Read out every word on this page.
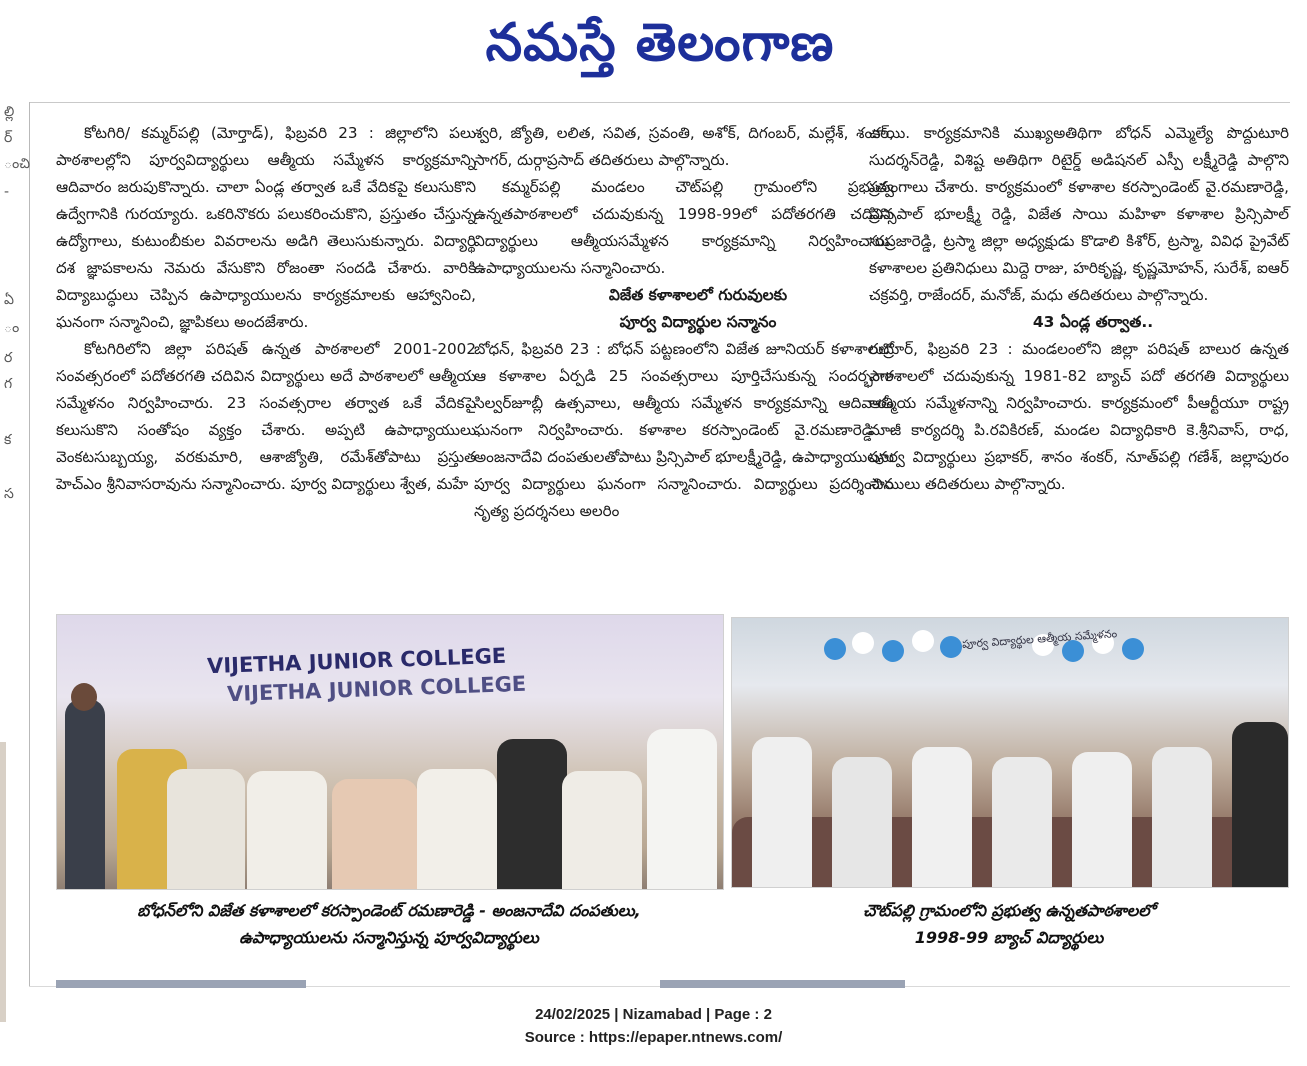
నమస్తే తెలంగాణ
ల్లి
ర్
ంచి
-
ఏ
ం
ర
గ
క
స

కోటగిరి/ కమ్మర్‌పల్లి (మోర్తాడ్), ఫిబ్రవరి 23 : జిల్లాలోని పలు పాఠశాలల్లోని పూర్వవిద్యార్థులు ఆత్మీయ సమ్మేళన కార్యక్రమాన్ని ఆదివారం జరుపుకొన్నారు. చాలా ఏండ్ల తర్వాత ఒకే వేదికపై కలుసుకొని ఉద్వేగానికి గురయ్యారు. ఒకరినొకరు పలుకరించుకొని, ప్రస్తుతం చేస్తున్న ఉద్యోగాలు, కుటుంబీకుల వివరాలను అడిగి తెలుసుకున్నారు. విద్యార్థి దశ జ్ఞాపకాలను నెమరు వేసుకొని రోజంతా సందడి చేశారు. వారికి విద్యాబుద్ధులు చెప్పిన ఉపాధ్యాయులను కార్యక్రమాలకు ఆహ్వానించి, ఘనంగా సన్మానించి, జ్ఞాపికలు అందజేశారు.

కోటగిరిలోని జిల్లా పరిషత్ ఉన్నత పాఠశాలలో 2001-2002 సంవత్సరంలో పదోతరగతి చదివిన విద్యార్థులు అదే పాఠశాలలో ఆత్మీయ సమ్మేళనం నిర్వహించారు. 23 సంవత్సరాల తర్వాత ఒకే వేదికపై కలుసుకొని సంతోషం వ్యక్తం చేశారు. అప్పటి ఉపాధ్యాయులు వెంకటసుబ్బయ్య, వరకుమారి, ఆశాజ్యోతి, రమేశ్‌తోపాటు ప్రస్తుత హెచ్‌ఎం శ్రీనివాసరావును సన్మానించారు. పూర్వ విద్యార్థులు శ్వేత, మహే

శ్వరి, జ్యోతి, లలిత, సవిత, స్రవంతి, అశోక్, దిగంబర్, మల్లేశ్, శంకర్, సాగర్, దుర్గాప్రసాద్ తదితరులు పాల్గొన్నారు.

కమ్మర్‌పల్లి మండలం చౌట్‌పల్లి గ్రామంలోని ప్రభుత్వ ఉన్నతపాఠశాలలో చదువుకున్న 1998-99లో పదోతరగతి చదివిన విద్యార్థులు ఆత్మీయసమ్మేళన కార్యక్రమాన్ని నిర్వహించారు. ఉపాధ్యాయులను సన్మానించారు.

విజేత కళాశాలలో గురువులకు

పూర్వ విద్యార్థుల సన్మానం

బోధన్, ఫిబ్రవరి 23 : బోధన్ పట్టణంలోని విజేత జూనియర్ కళాశాలలో ఆ కళాశాల ఏర్పడి 25 సంవత్సరాలు పూర్తిచేసుకున్న సందర్భంగా సిల్వర్‌జూబ్లీ ఉత్సవాలు, ఆత్మీయ సమ్మేళన కార్యక్రమాన్ని ఆదివారం ఘనంగా నిర్వహించారు. కళాశాల కరస్పాండెంట్ వై.రమణారెడ్డి - అంజనాదేవి దంపతులతోపాటు ప్రిన్సిపాల్ భూలక్ష్మీరెడ్డి, ఉపాధ్యాయులను పూర్వ విద్యార్థులు ఘనంగా సన్మానించారు. విద్యార్థులు ప్రదర్శించిన నృత్య ప్రదర్శనలు అలరిం

చాయి. కార్యక్రమానికి ముఖ్యఅతిథిగా బోధన్ ఎమ్మెల్యే పొద్దుటూరి సుదర్శన్‌రెడ్డి, విశిష్ట అతిథిగా రిటైర్డ్ అడిషనల్ ఎస్పీ లక్ష్మీరెడ్డి పాల్గొని ప్రసంగాలు చేశారు. కార్యక్రమంలో కళాశాల కరస్పాండెంట్ వై.రమణారెడ్డి, ప్రిన్సిపాల్ భూలక్ష్మీ రెడ్డి, విజేత సాయి మహిళా కళాశాల ప్రిన్సిపాల్ సుప్రజారెడ్డి, ట్రస్మా జిల్లా అధ్యక్షుడు కొడాలి కిశోర్, ట్రస్మా, వివిధ ప్రైవేట్ కళాశాలల ప్రతినిధులు మిద్దె రాజు, హరికృష్ణ, కృష్ణమోహన్, సురేశ్, ఐఆర్ చక్రవర్తి, రాజేందర్, మనోజ్, మధు తదితరులు పాల్గొన్నారు.

43 ఏండ్ల తర్వాత..

రుద్రూర్, ఫిబ్రవరి 23 : మండలంలోని జిల్లా పరిషత్ బాలుర ఉన్నత పాఠశాలలో చదువుకున్న 1981-82 బ్యాచ్ పదో తరగతి విద్యార్థులు ఆత్మీయ సమ్మేళనాన్ని నిర్వహించారు. కార్యక్రమంలో పీఆర్టీయూ రాష్ట్ర మాజీ కార్యదర్శి పి.రవికిరణ్, మండల విద్యాధికారి కె.శ్రీనివాస్, రాధ, పూర్వ విద్యార్థులు ప్రభాకర్, శానం శంకర్, నూత్‌పల్లి గణేశ్, జల్లాపురం సాయిలు తదితరులు పాల్గొన్నారు.

VIJETHA JUNIOR COLLEGE
VIJETHA JUNIOR COLLEGE
పూర్వ విద్యార్థుల ఆత్మీయ సమ్మేళనం
బోధన్‌లోని విజేత కళాశాలలో కరస్పాండెంట్ రమణారెడ్డి - అంజనాదేవి దంపతులు,
ఉపాధ్యాయులను సన్మానిస్తున్న పూర్వవిద్యార్థులు
చౌట్‌పల్లి గ్రామంలోని ప్రభుత్వ ఉన్నతపాఠశాలలో
1998-99 బ్యాచ్ విద్యార్థులు
24/02/2025 | Nizamabad | Page : 2
Source : https://epaper.ntnews.com/
